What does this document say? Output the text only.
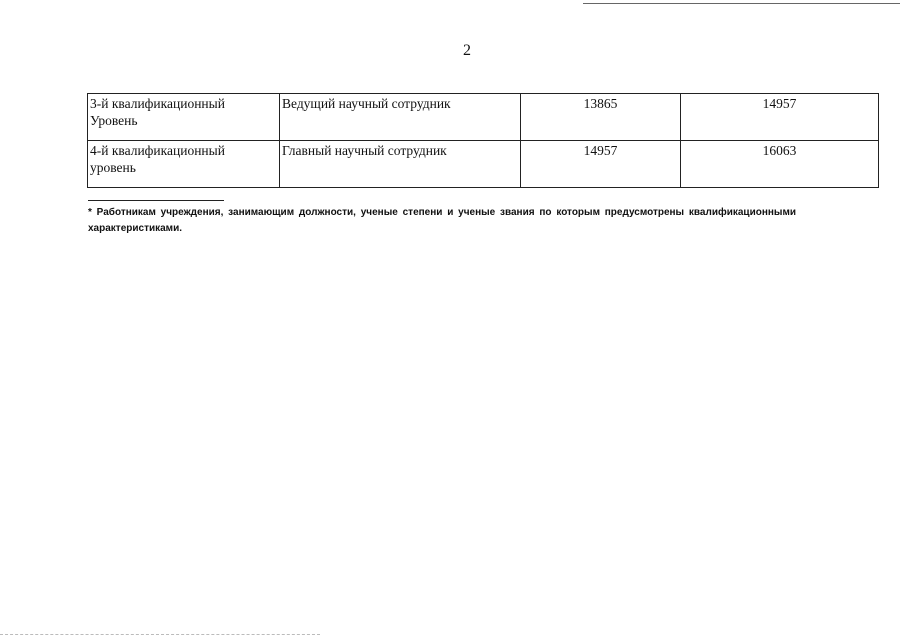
2
3-й квалификационный
Уровень	Ведущий научный сотрудник	13865	14957
4-й квалификационный
уровень	Главный научный сотрудник	14957	16063
* Работникам учреждения, занимающим должности, ученые степени и ученые звания по которым предусмотрены квалификационными характеристиками.
